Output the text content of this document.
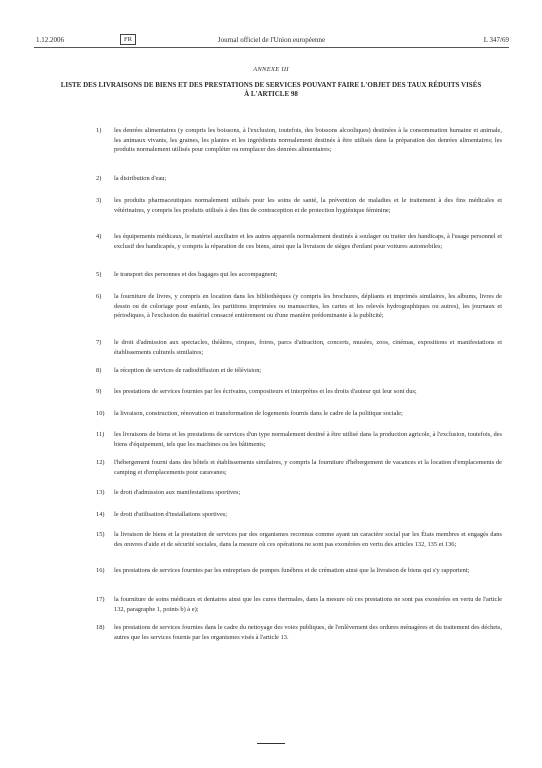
1.12.2006	FR	Journal officiel de l'Union européenne	L 347/69
ANNEXE III
LISTE DES LIVRAISONS DE BIENS ET DES PRESTATIONS DE SERVICES POUVANT FAIRE L'OBJET DES TAUX RÉDUITS VISÉS À L'ARTICLE 98
1)	les denrées alimentaires (y compris les boissons, à l'exclusion, toutefois, des boissons alcooliques) destinées à la consommation humaine et animale, les animaux vivants, les graines, les plantes et les ingrédients normalement destinés à être utilisés dans la préparation des denrées alimentaires; les produits normalement utilisés pour compléter ou remplacer des denrées alimentaires;
2)	la distribution d'eau;
3)	les produits pharmaceutiques normalement utilisés pour les soins de santé, la prévention de maladies et le traitement à des fins médicales et vétérinaires, y compris les produits utilisés à des fins de contraception et de protection hygiénique féminine;
4)	les équipements médicaux, le matériel auxiliaire et les autres appareils normalement destinés à soulager ou traiter des handicaps, à l'usage personnel et exclusif des handicapés, y compris la réparation de ces biens, ainsi que la livraison de sièges d'enfant pour voitures automobiles;
5)	le transport des personnes et des bagages qui les accompagnent;
6)	la fourniture de livres, y compris en location dans les bibliothèques (y compris les brochures, dépliants et imprimés similaires, les albums, livres de dessin ou de coloriage pour enfants, les partitions imprimées ou manuscrites, les cartes et les relevés hydrographiques ou autres), les journaux et périodiques, à l'exclusion du matériel consacré entièrement ou d'une manière prédominante à la publicité;
7)	le droit d'admission aux spectacles, théâtres, cirques, foires, parcs d'attraction, concerts, musées, zoos, cinémas, expositions et manifestations et établissements culturels similaires;
8)	la réception de services de radiodiffusion et de télévision;
9)	les prestations de services fournies par les écrivains, compositeurs et interprètes et les droits d'auteur qui leur sont dus;
10)	la livraison, construction, rénovation et transformation de logements fournis dans le cadre de la politique sociale;
11)	les livraisons de biens et les prestations de services d'un type normalement destiné à être utilisé dans la production agricole, à l'exclusion, toutefois, des biens d'équipement, tels que les machines ou les bâtiments;
12)	l'hébergement fourni dans des hôtels et établissements similaires, y compris la fourniture d'hébergement de vacances et la location d'emplacements de camping et d'emplacements pour caravanes;
13)	le droit d'admission aux manifestations sportives;
14)	le droit d'utilisation d'installations sportives;
15)	la livraison de biens et la prestation de services par des organismes reconnus comme ayant un caractère social par les États membres et engagés dans des œuvres d'aide et de sécurité sociales, dans la mesure où ces opérations ne sont pas exonérées en vertu des articles 132, 135 et 136;
16)	les prestations de services fournies par les entreprises de pompes funèbres et de crémation ainsi que la livraison de biens qui s'y rapportent;
17)	la fourniture de soins médicaux et dentaires ainsi que les cures thermales, dans la mesure où ces prestations ne sont pas exonérées en vertu de l'article 132, paragraphe 1, points b) à e);
18)	les prestations de services fournies dans le cadre du nettoyage des voies publiques, de l'enlèvement des ordures ménagères et du traitement des déchets, autres que les services fournis par les organismes visés à l'article 13.
